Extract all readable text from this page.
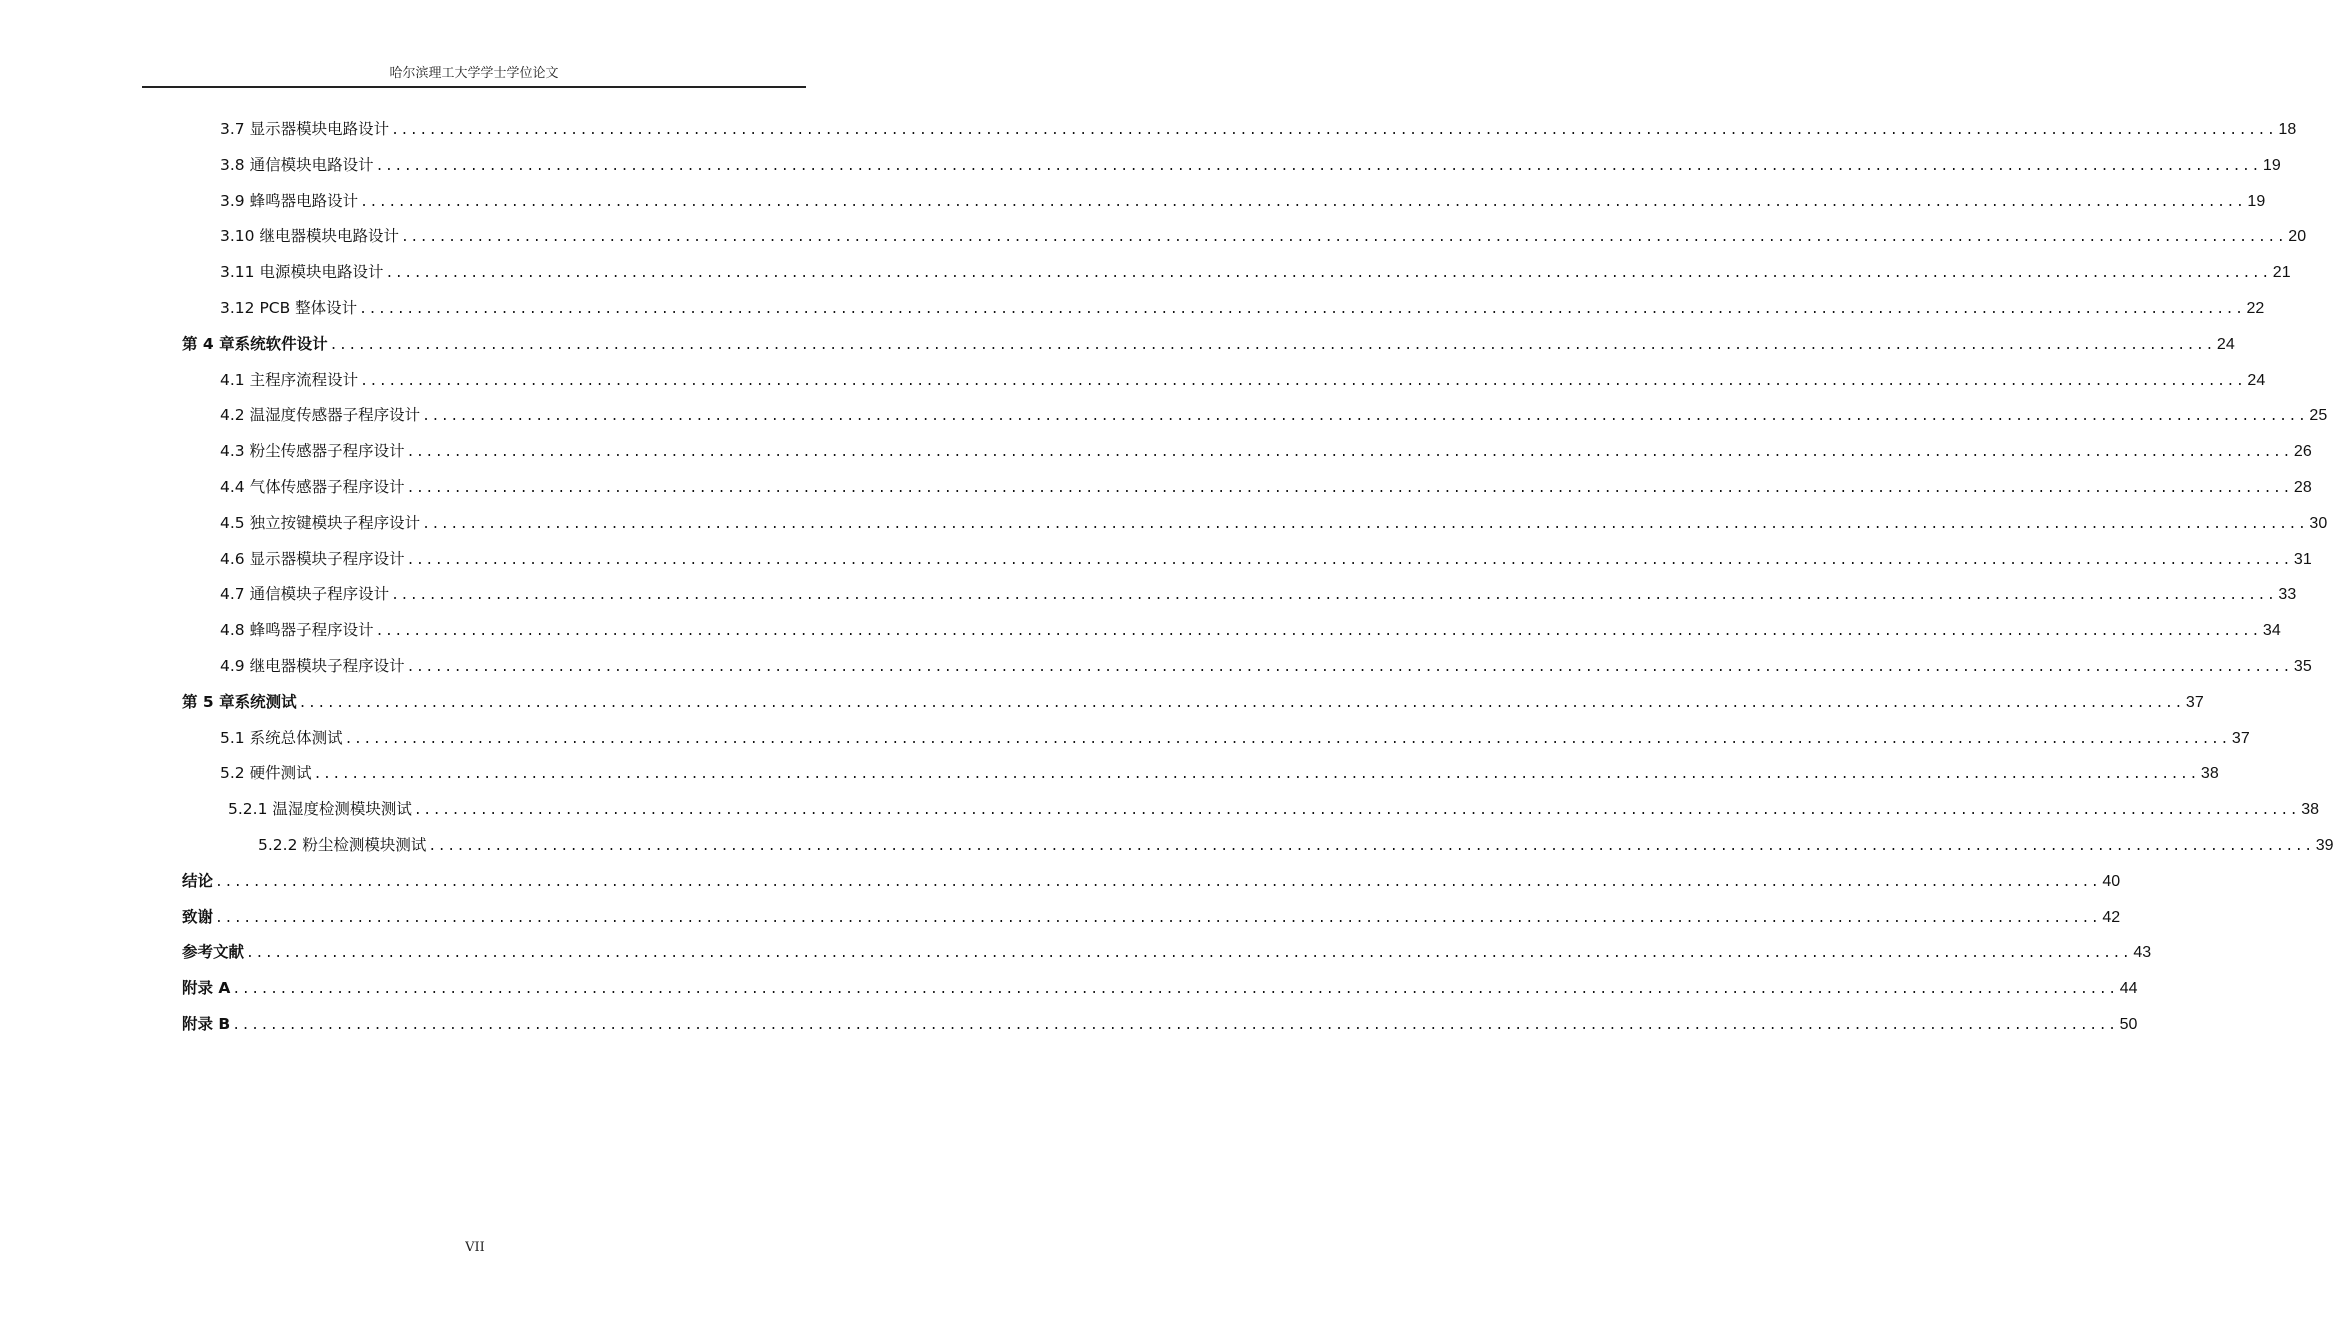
哈尔滨理工大学学士学位论文
3.7 显示器模块电路设计 ........................................................................................................................................................................................................ 18
3.8 通信模块电路设计 ........................................................................................................................................................................................................ 19
3.9 蜂鸣器电路设计 ........................................................................................................................................................................................................ 19
3.10 继电器模块电路设计 ........................................................................................................................................................................................................ 20
3.11 电源模块电路设计 ........................................................................................................................................................................................................ 21
3.12 PCB 整体设计 ........................................................................................................................................................................................................ 22
第 4 章系统软件设计 ........................................................................................................................................................................................................ 24
4.1 主程序流程设计 ........................................................................................................................................................................................................ 24
4.2 温湿度传感器子程序设计 ........................................................................................................................................................................................................ 25
4.3 粉尘传感器子程序设计 ........................................................................................................................................................................................................ 26
4.4 气体传感器子程序设计 ........................................................................................................................................................................................................ 28
4.5 独立按键模块子程序设计 ........................................................................................................................................................................................................ 30
4.6 显示器模块子程序设计 ........................................................................................................................................................................................................ 31
4.7 通信模块子程序设计 ........................................................................................................................................................................................................ 33
4.8 蜂鸣器子程序设计 ........................................................................................................................................................................................................ 34
4.9 继电器模块子程序设计 ........................................................................................................................................................................................................ 35
第 5 章系统测试 ........................................................................................................................................................................................................ 37
5.1 系统总体测试 ........................................................................................................................................................................................................ 37
5.2 硬件测试 ........................................................................................................................................................................................................ 38
5.2.1 温湿度检测模块测试 ........................................................................................................................................................................................................ 38
5.2.2 粉尘检测模块测试 ........................................................................................................................................................................................................ 39
结论 ........................................................................................................................................................................................................ 40
致谢 ........................................................................................................................................................................................................ 42
参考文献 ........................................................................................................................................................................................................ 43
附录 A ........................................................................................................................................................................................................ 44
附录 B ........................................................................................................................................................................................................ 50
VII
